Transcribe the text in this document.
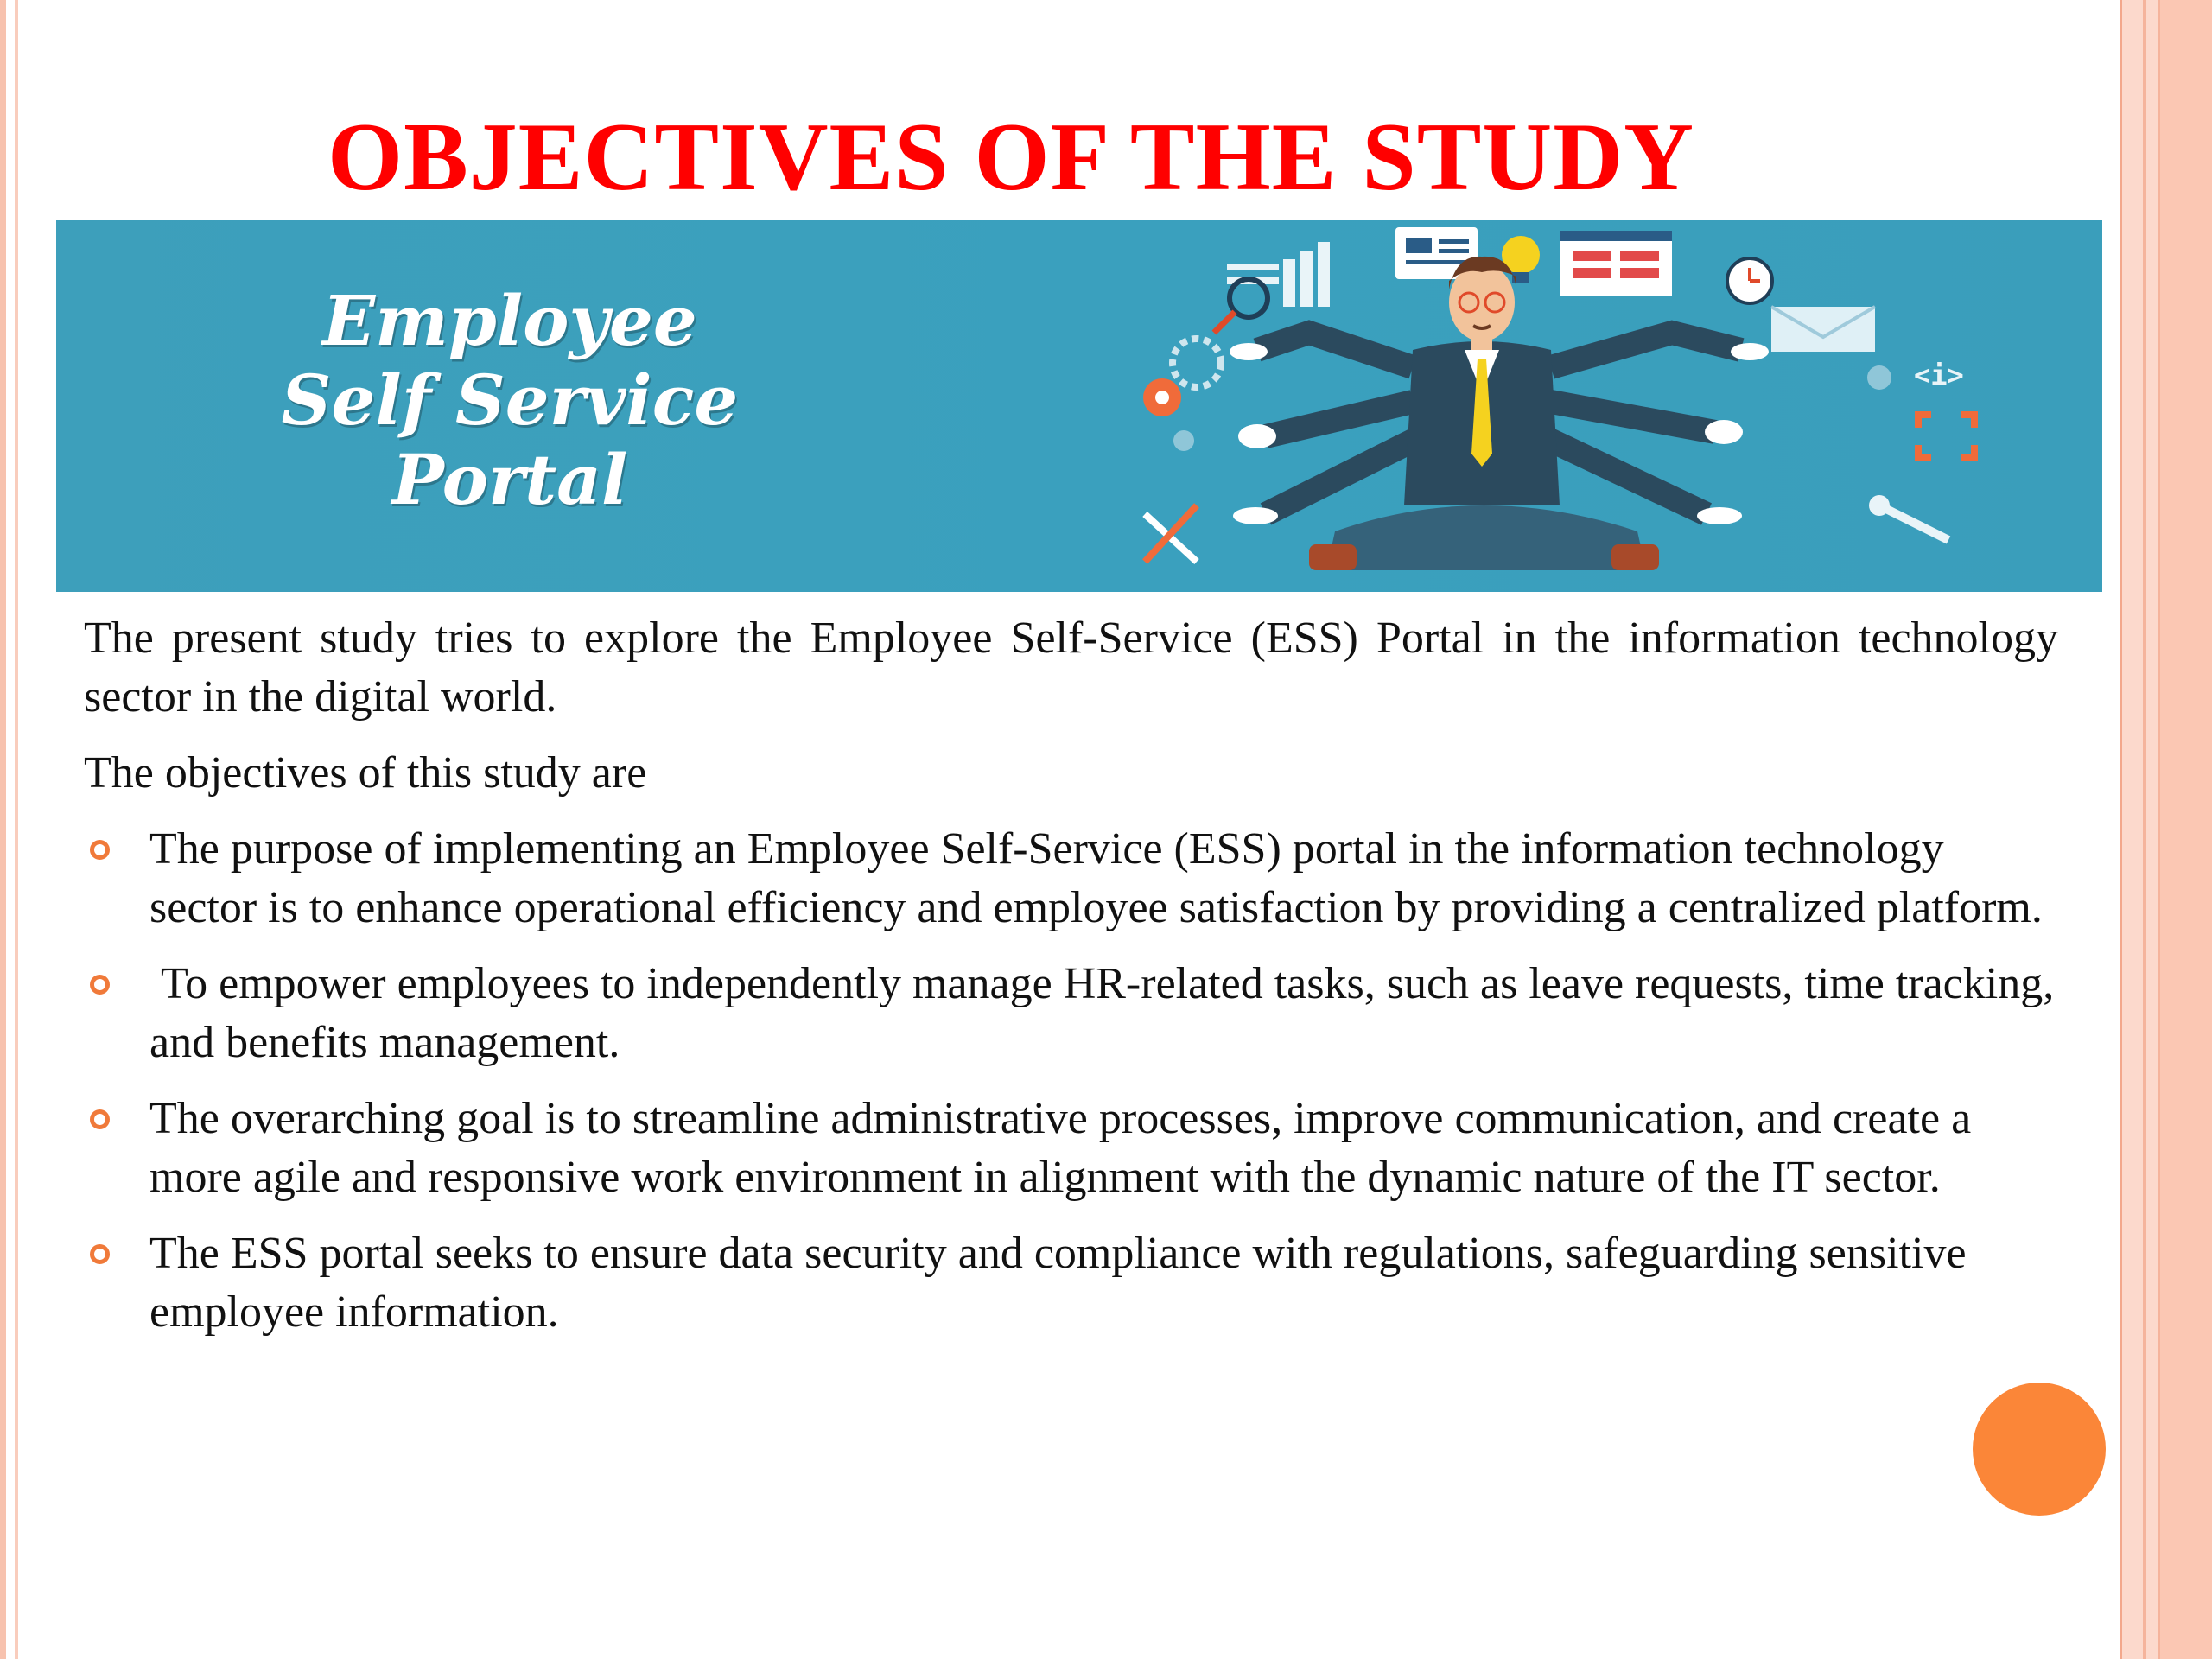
OBJECTIVES OF THE STUDY
Employee
Self Service
Portal
<i>

The present study tries to explore the Employee Self-Service (ESS) Portal in the information technology sector in the digital world.

The objectives of this study are

The purpose of implementing an Employee Self-Service (ESS) portal in the information technology sector is to enhance operational efficiency and employee satisfaction by providing a centralized platform.
To empower employees to independently manage HR-related tasks, such as leave requests, time tracking, and benefits management.
The overarching goal is to streamline administrative processes, improve communication, and create a more agile and responsive work environment in alignment with the dynamic nature of the IT sector.
The ESS portal seeks to ensure data security and compliance with regulations, safeguarding sensitive employee information.
